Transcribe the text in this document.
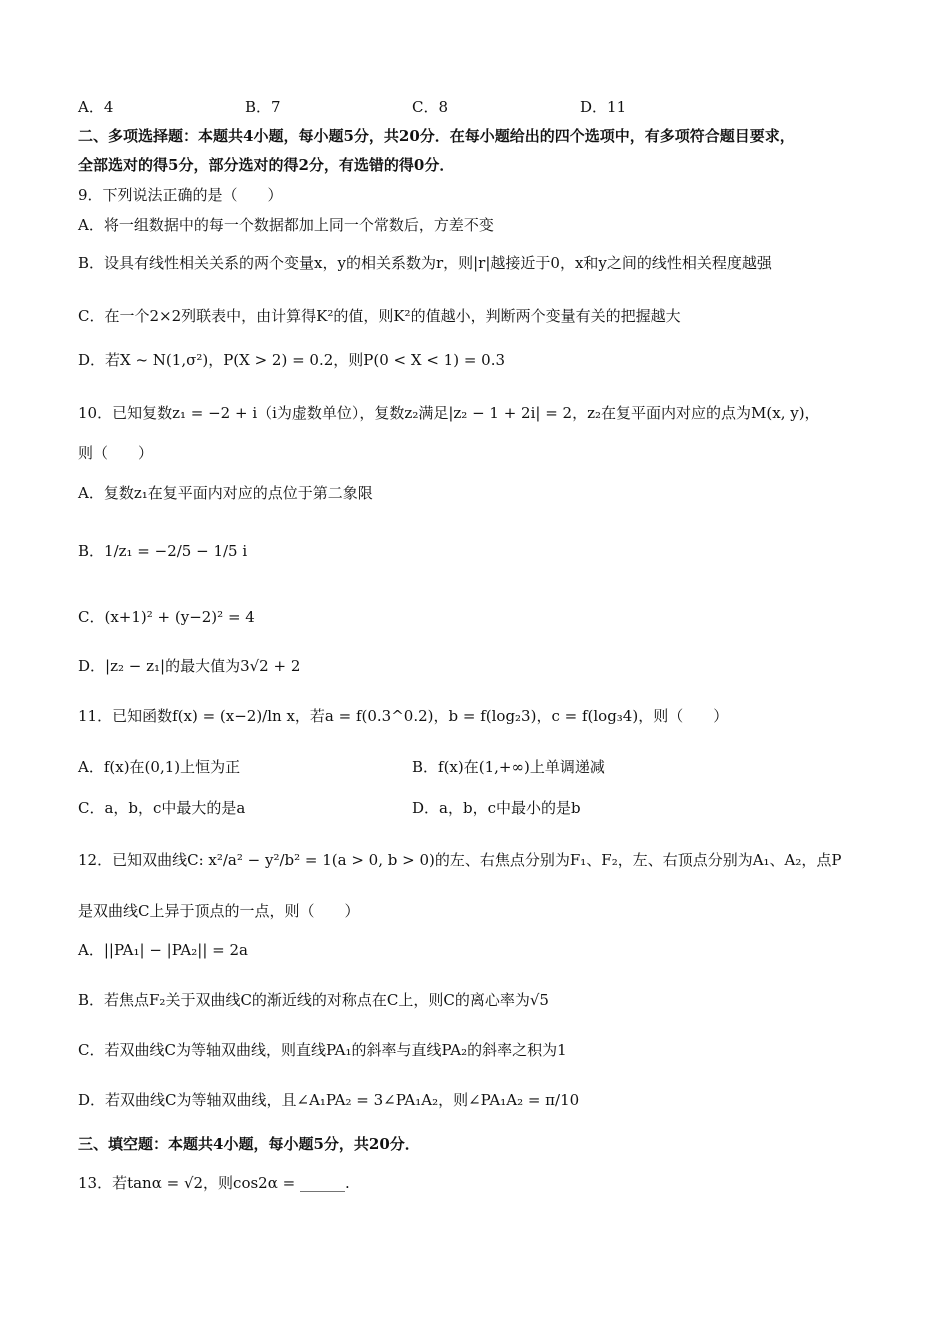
A．4	B．7	C．8	D．11
二、多项选择题：本题共4小题，每小题5分，共20分．在每小题给出的四个选项中，有多项符合题目要求，
全部选对的得5分，部分选对的得2分，有选错的得0分．
9．下列说法正确的是（　　）
A．将一组数据中的每一个数据都加上同一个常数后，方差不变
B．设具有线性相关关系的两个变量x，y的相关系数为r，则|r|越接近于0，x和y之间的线性相关程度越强
C．在一个2×2列联表中，由计算得K²的值，则K²的值越小，判断两个变量有关的把握越大
D．若X ~ N(1,σ²)，P(X > 2) = 0.2，则P(0 < X < 1) = 0.3
10．已知复数z₁ = −2 + i（i为虚数单位），复数z₂满足|z₂ − 1 + 2i| = 2，z₂在复平面内对应的点为M(x, y)，
则（　　）
A．复数z₁在复平面内对应的点位于第二象限
B．1/z₁ = −2/5 − 1/5 i
C．(x+1)² + (y−2)² = 4
D．|z₂ − z₁|的最大值为3√2 + 2
11．已知函数f(x) = (x−2)/ln x，若a = f(0.3^0.2)，b = f(log₂3)，c = f(log₃4)，则（　　）
A．f(x)在(0,1)上恒为正	B．f(x)在(1,+∞)上单调递减
C．a，b，c中最大的是a	D．a，b，c中最小的是b
12．已知双曲线C: x²/a² − y²/b² = 1(a > 0, b > 0)的左、右焦点分别为F₁、F₂，左、右顶点分别为A₁、A₂，点P
是双曲线C上异于顶点的一点，则（　　）
A．||PA₁| − |PA₂|| = 2a
B．若焦点F₂关于双曲线C的渐近线的对称点在C上，则C的离心率为√5
C．若双曲线C为等轴双曲线，则直线PA₁的斜率与直线PA₂的斜率之积为1
D．若双曲线C为等轴双曲线，且∠A₁PA₂ = 3∠PA₁A₂，则∠PA₁A₂ = π/10
三、填空题：本题共4小题，每小题5分，共20分．
13．若tanα = √2，则cos2α = ______.
